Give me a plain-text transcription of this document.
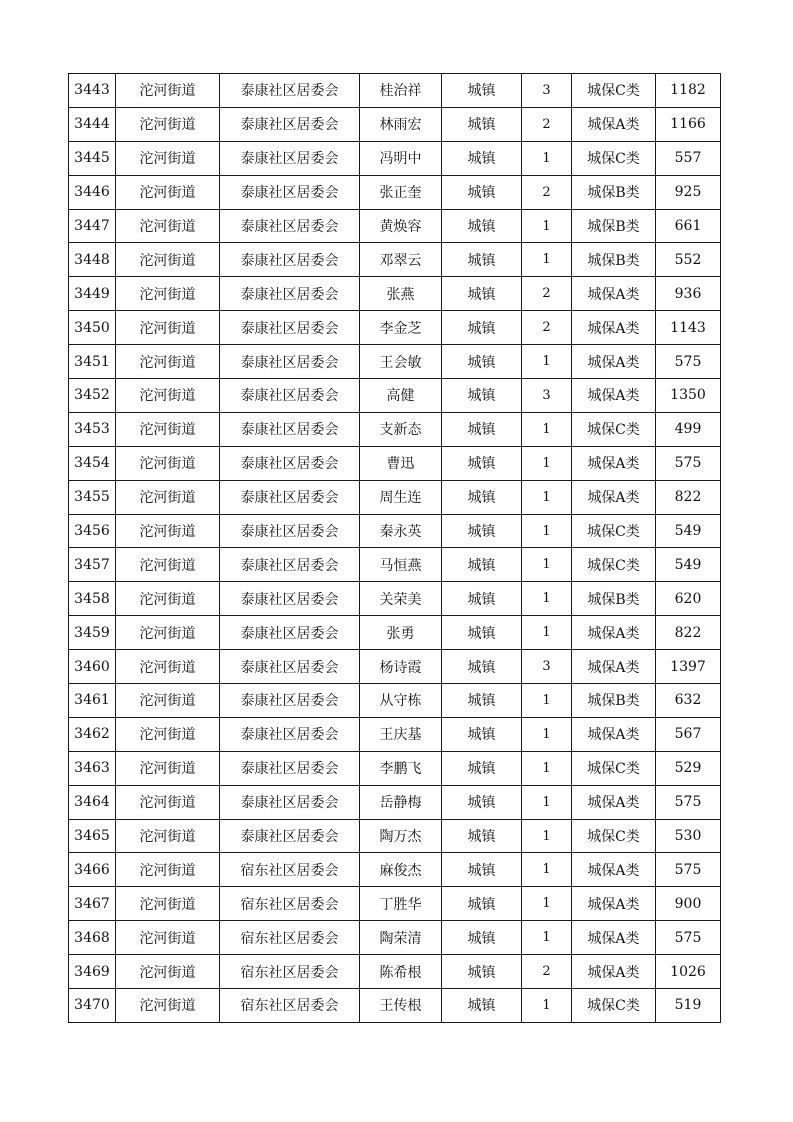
3443	沱河街道	泰康社区居委会	桂治祥	城镇	3	城保C类	1182
3444	沱河街道	泰康社区居委会	林雨宏	城镇	2	城保A类	1166
3445	沱河街道	泰康社区居委会	冯明中	城镇	1	城保C类	557
3446	沱河街道	泰康社区居委会	张正奎	城镇	2	城保B类	925
3447	沱河街道	泰康社区居委会	黄焕容	城镇	1	城保B类	661
3448	沱河街道	泰康社区居委会	邓翠云	城镇	1	城保B类	552
3449	沱河街道	泰康社区居委会	张燕	城镇	2	城保A类	936
3450	沱河街道	泰康社区居委会	李金芝	城镇	2	城保A类	1143
3451	沱河街道	泰康社区居委会	王会敏	城镇	1	城保A类	575
3452	沱河街道	泰康社区居委会	高健	城镇	3	城保A类	1350
3453	沱河街道	泰康社区居委会	支新态	城镇	1	城保C类	499
3454	沱河街道	泰康社区居委会	曹迅	城镇	1	城保A类	575
3455	沱河街道	泰康社区居委会	周生连	城镇	1	城保A类	822
3456	沱河街道	泰康社区居委会	秦永英	城镇	1	城保C类	549
3457	沱河街道	泰康社区居委会	马恒燕	城镇	1	城保C类	549
3458	沱河街道	泰康社区居委会	关荣美	城镇	1	城保B类	620
3459	沱河街道	泰康社区居委会	张勇	城镇	1	城保A类	822
3460	沱河街道	泰康社区居委会	杨诗霞	城镇	3	城保A类	1397
3461	沱河街道	泰康社区居委会	从守栋	城镇	1	城保B类	632
3462	沱河街道	泰康社区居委会	王庆基	城镇	1	城保A类	567
3463	沱河街道	泰康社区居委会	李鹏飞	城镇	1	城保C类	529
3464	沱河街道	泰康社区居委会	岳静梅	城镇	1	城保A类	575
3465	沱河街道	泰康社区居委会	陶万杰	城镇	1	城保C类	530
3466	沱河街道	宿东社区居委会	麻俊杰	城镇	1	城保A类	575
3467	沱河街道	宿东社区居委会	丁胜华	城镇	1	城保A类	900
3468	沱河街道	宿东社区居委会	陶荣清	城镇	1	城保A类	575
3469	沱河街道	宿东社区居委会	陈希根	城镇	2	城保A类	1026
3470	沱河街道	宿东社区居委会	王传根	城镇	1	城保C类	519
